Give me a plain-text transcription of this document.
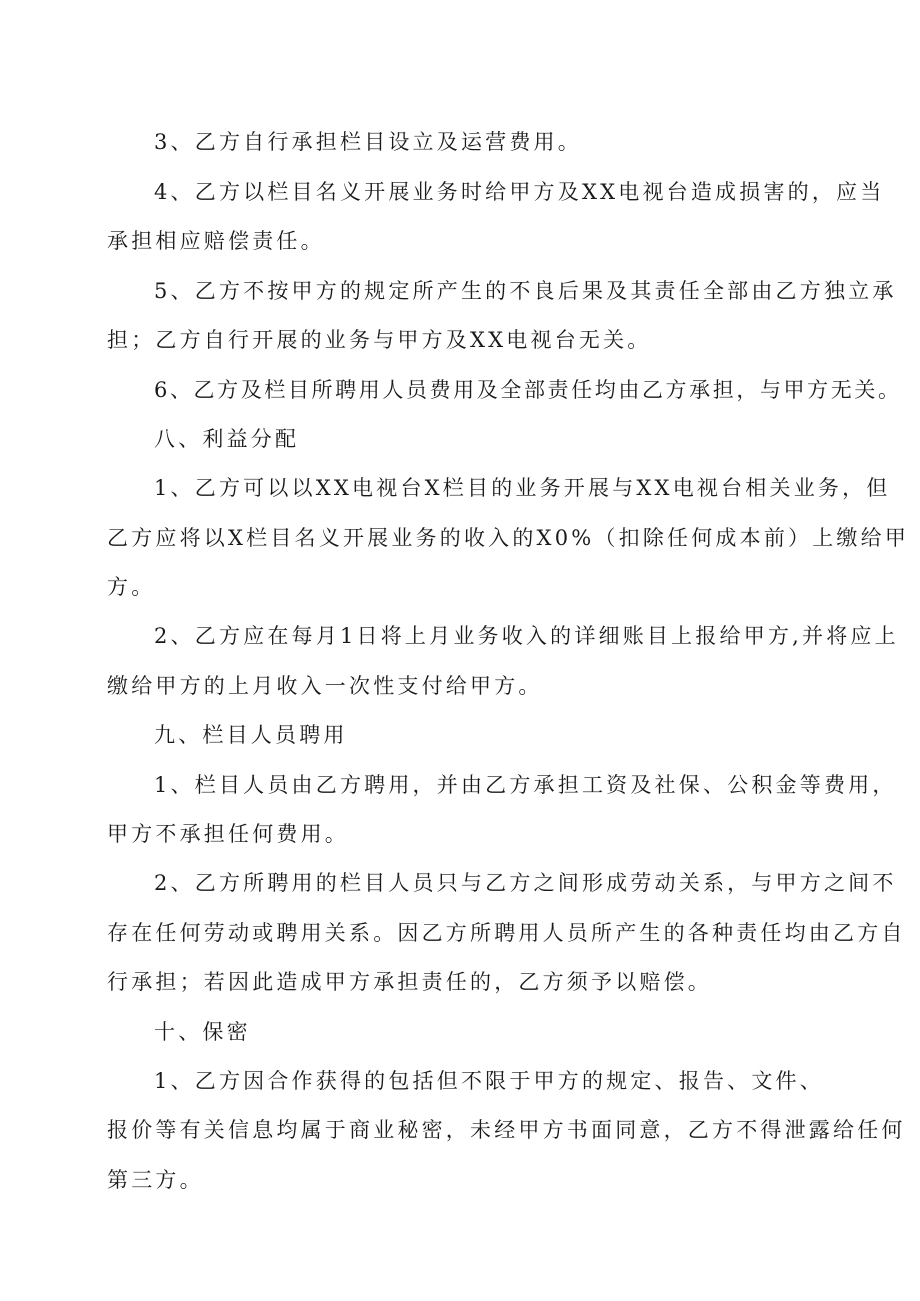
3、乙方自行承担栏目设立及运营费用。
4、乙方以栏目名义开展业务时给甲方及XX电视台造成损害的，应当
承担相应赔偿责任。
5、乙方不按甲方的规定所产生的不良后果及其责任全部由乙方独立承
担；乙方自行开展的业务与甲方及XX电视台无关。
6、乙方及栏目所聘用人员费用及全部责任均由乙方承担，与甲方无关。
八、利益分配
1、乙方可以以XX电视台X栏目的业务开展与XX电视台相关业务，但
乙方应将以X栏目名义开展业务的收入的X0%（扣除任何成本前）上缴给甲
方。
2、乙方应在每月1日将上月业务收入的详细账目上报给甲方,并将应上
缴给甲方的上月收入一次性支付给甲方。
九、栏目人员聘用
1、栏目人员由乙方聘用，并由乙方承担工资及社保、公积金等费用，
甲方不承担任何费用。
2、乙方所聘用的栏目人员只与乙方之间形成劳动关系，与甲方之间不
存在任何劳动或聘用关系。因乙方所聘用人员所产生的各种责任均由乙方自
行承担；若因此造成甲方承担责任的，乙方须予以赔偿。
十、保密
1、乙方因合作获得的包括但不限于甲方的规定、报告、文件、
报价等有关信息均属于商业秘密，未经甲方书面同意，乙方不得泄露给任何
第三方。
